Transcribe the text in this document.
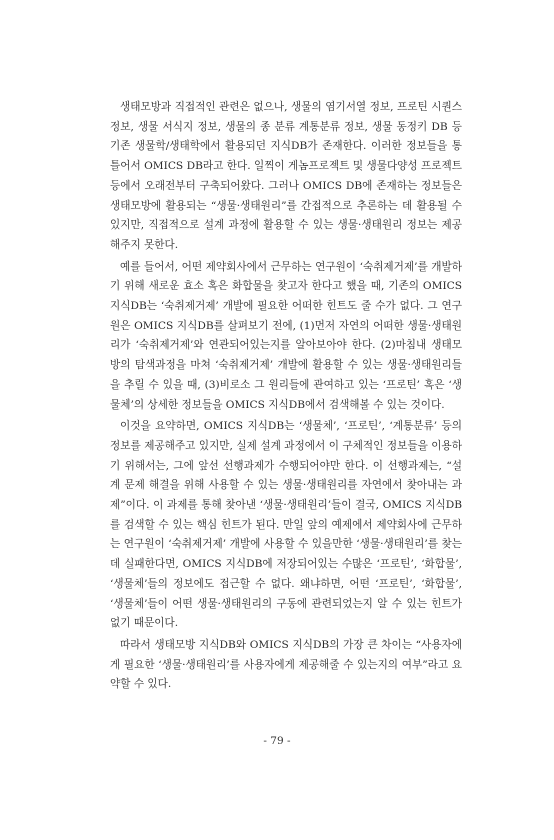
생태모방과 직접적인 관련은 없으나, 생물의 염기서열 정보, 프로틴 시퀀스 정보, 생물 서식지 정보, 생물의 종 분류 계통분류 정보, 생물 동정키 DB 등 기존 생물학/생태학에서 활용되던 지식DB가 존재한다. 이러한 정보들을 통틀어서 OMICS DB라고 한다. 일찍이 게놈프로젝트 및 생물다양성 프로젝트 등에서 오래전부터 구축되어왔다. 그러나 OMICS DB에 존재하는 정보들은 생태모방에 활용되는 “생물·생태원리”를 간접적으로 추론하는 데 활용될 수 있지만, 직접적으로 설계 과정에 활용할 수 있는 생물·생태원리 정보는 제공해주지 못한다.

예를 들어서, 어떤 제약회사에서 근무하는 연구원이 ‘숙취제거제’를 개발하기 위해 새로운 효소 혹은 화합물을 찾고자 한다고 했을 때, 기존의 OMICS 지식DB는 ‘숙취제거제’ 개발에 필요한 어떠한 힌트도 줄 수가 없다. 그 연구원은 OMICS 지식DB를 살펴보기 전에, (1)먼저 자연의 어떠한 생물·생태원리가 ‘숙취제거제’와 연관되어있는지를 알아보아야 한다. (2)마침내 생태모방의 탐색과정을 마쳐 ‘숙취제거제’ 개발에 활용할 수 있는 생물·생태원리들을 추릴 수 있을 때, (3)비로소 그 원리들에 관여하고 있는 ‘프로틴’ 혹은 ‘생물체’의 상세한 정보들을 OMICS 지식DB에서 검색해볼 수 있는 것이다.

이것을 요약하면, OMICS 지식DB는 ‘생물체’, ‘프로틴’, ‘계통분류’ 등의 정보를 제공해주고 있지만, 실제 설계 과정에서 이 구체적인 정보들을 이용하기 위해서는, 그에 앞선 선행과제가 수행되어야만 한다. 이 선행과제는, “설계 문제 해결을 위해 사용할 수 있는 생물·생태원리를 자연에서 찾아내는 과제”이다. 이 과제를 통해 찾아낸 ‘생물·생태원리’들이 결국, OMICS 지식DB를 검색할 수 있는 핵심 힌트가 된다. 만일 앞의 예제에서 제약회사에 근무하는 연구원이 ‘숙취제거제’ 개발에 사용할 수 있을만한 ‘생물·생태원리’를 찾는 데 실패한다면, OMICS 지식DB에 저장되어있는 수많은 ‘프로틴’, ‘화합물’, ‘생물체’들의 정보에도 접근할 수 없다. 왜냐하면, 어떤 ‘프로틴’, ‘화합물’, ‘생물체’들이 어떤 생물·생태원리의 구동에 관련되었는지 알 수 있는 힌트가 없기 때문이다.

따라서 생태모방 지식DB와 OMICS 지식DB의 가장 큰 차이는 “사용자에게 필요한 ‘생물·생태원리’를 사용자에게 제공해줄 수 있는지의 여부”라고 요약할 수 있다.

- 79 -
